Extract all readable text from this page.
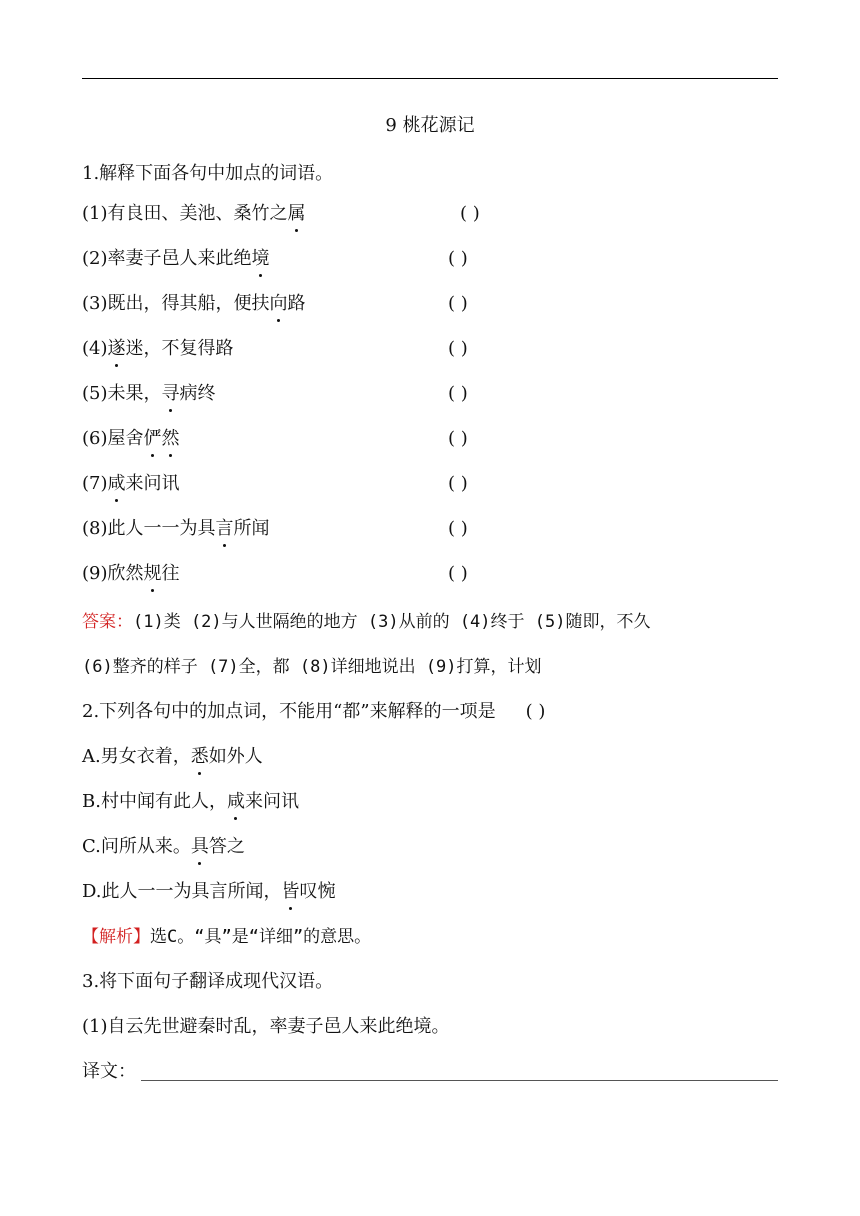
9 桃花源记
1.解释下面各句中加点的词语。
(1)有良田、美池、桑竹之属	( )
(2)率妻子邑人来此绝境	( )
(3)既出，得其船，便扶向路	( )
(4)遂迷，不复得路	( )
(5)未果，寻病终	( )
(6)屋舍俨然	( )
(7)咸来问讯	( )
(8)此人一一为具言所闻	( )
(9)欣然规往	( )
答案：(1)类 (2)与人世隔绝的地方 (3)从前的 (4)终于 (5)随即，不久
(6)整齐的样子 (7)全，都 (8)详细地说出 (9)打算，计划
2.下列各句中的加点词，不能用“都”来解释的一项是 ( )
A.男女衣着，悉如外人
B.村中闻有此人，咸来问讯
C.问所从来。具答之
D.此人一一为具言所闻，皆叹惋
【解析】选C。“具”是“详细”的意思。
3.将下面句子翻译成现代汉语。
(1)自云先世避秦时乱，率妻子邑人来此绝境。
译文：
